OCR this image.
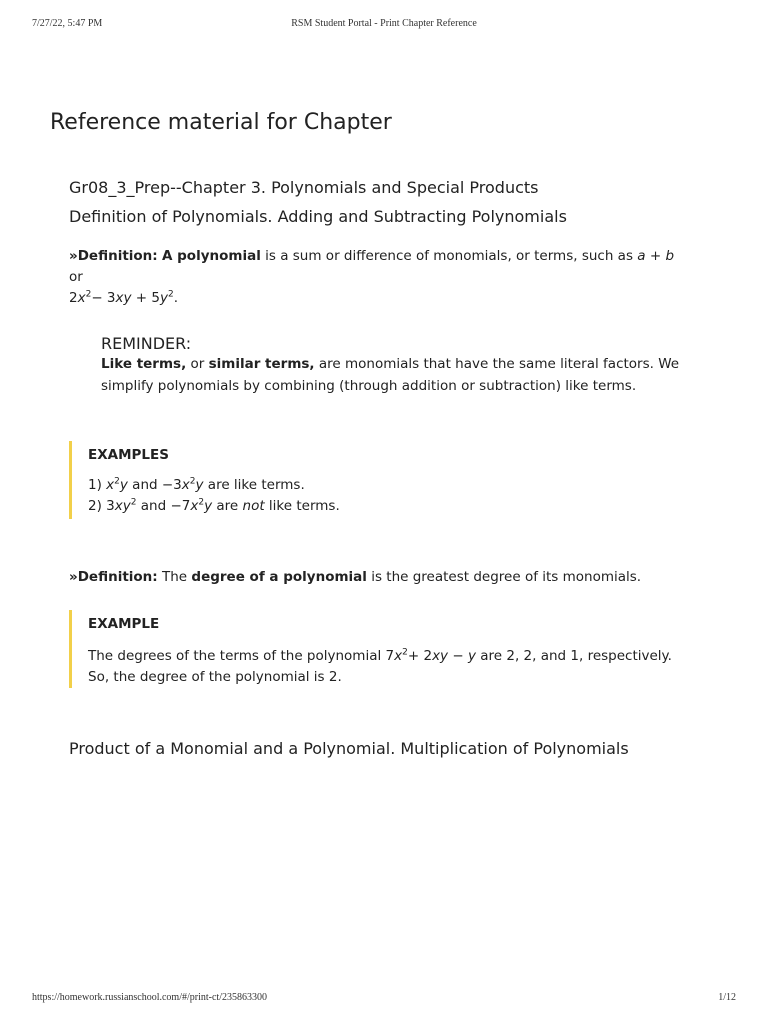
7/27/22, 5:47 PM	RSM Student Portal - Print Chapter Reference
Reference material for Chapter
Gr08_3_Prep--Chapter 3. Polynomials and Special Products
Definition of Polynomials. Adding and Subtracting Polynomials
»Definition: A polynomial is a sum or difference of monomials, or terms, such as a + b
or
$2x^2- 3xy + 5y^2$.
REMINDER:
Like terms, or similar terms, are monomials that have the same literal factors. We simplify polynomials by combining (through addition or subtraction) like terms.
EXAMPLES
1) $x^2y$ and $-3x^2y$ are like terms.
2) $3xy^2$ and $-7x^2y$ are not like terms.
»Definition: The degree of a polynomial is the greatest degree of its monomials.
EXAMPLE
The degrees of the terms of the polynomial $7x^2+ 2xy - y$ are 2, 2, and 1, respectively.
So, the degree of the polynomial is 2.
Product of a Monomial and a Polynomial. Multiplication of Polynomials
https://homework.russianschool.com/#/print-ct/235863300	1/12
